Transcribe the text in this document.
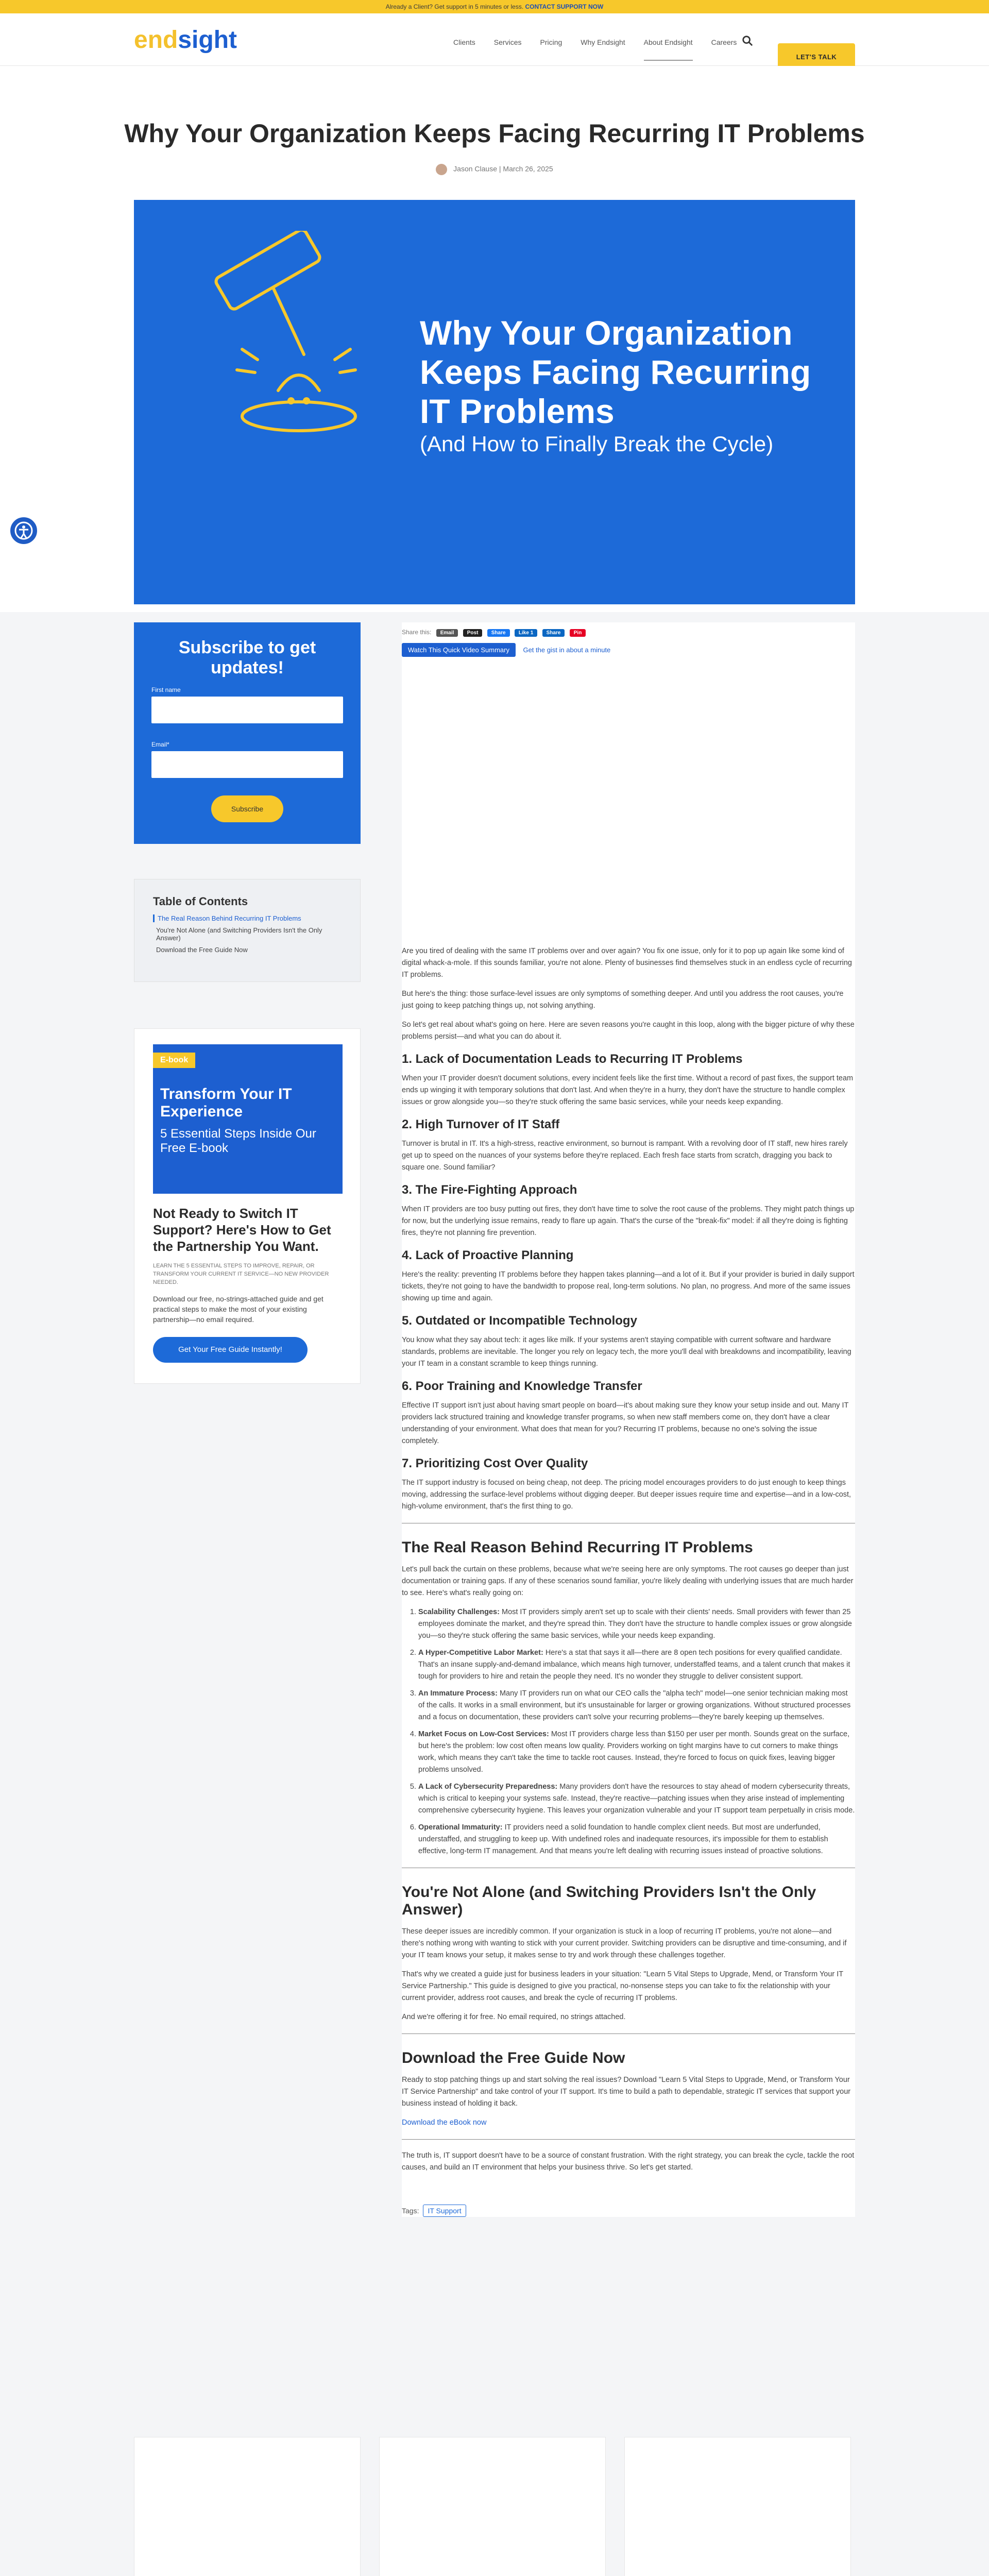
Already a Client? Get support in 5 minutes or less. CONTACT SUPPORT NOW
endsight	Clients	Services	Pricing	Why Endsight	About Endsight	Careers
LET'S TALK
Why Your Organization Keeps Facing Recurring IT Problems
Jason Clause | March 26, 2025
Why Your Organization Keeps Facing Recurring IT Problems

(And How to Finally Break the Cycle)

Subscribe to get updates!
First name
Email*
Subscribe
Table of Contents
The Real Reason Behind Recurring IT Problems
You're Not Alone (and Switching Providers Isn't the Only Answer)
Download the Free Guide Now
E-book
Transform Your IT Experience
5 Essential Steps Inside Our Free E-book
Not Ready to Switch IT Support? Here's How to Get the Partnership You Want.
LEARN THE 5 ESSENTIAL STEPS TO IMPROVE, REPAIR, OR TRANSFORM YOUR CURRENT IT SERVICE—NO NEW PROVIDER NEEDED.
Download our free, no-strings-attached guide and get practical steps to make the most of your existing partnership—no email required.
Get Your Free Guide Instantly!
Share this: Email	Post	Share	Like 1	Share	Pin
Watch This Quick Video Summary Get the gist in about a minute

Are you tired of dealing with the same IT problems over and over again? You fix one issue, only for it to pop up again like some kind of digital whack-a-mole. If this sounds familiar, you're not alone. Plenty of businesses find themselves stuck in an endless cycle of recurring IT problems.

But here's the thing: those surface-level issues are only symptoms of something deeper. And until you address the root causes, you're just going to keep patching things up, not solving anything.

So let's get real about what's going on here. Here are seven reasons you're caught in this loop, along with the bigger picture of why these problems persist—and what you can do about it.

1. Lack of Documentation Leads to Recurring IT Problems

When your IT provider doesn't document solutions, every incident feels like the first time. Without a record of past fixes, the support team ends up winging it with temporary solutions that don't last. And when they're in a hurry, they don't have the structure to handle complex issues or grow alongside you—so they're stuck offering the same basic services, while your needs keep expanding.

2. High Turnover of IT Staff

Turnover is brutal in IT. It's a high-stress, reactive environment, so burnout is rampant. With a revolving door of IT staff, new hires rarely get up to speed on the nuances of your systems before they're replaced. Each fresh face starts from scratch, dragging you back to square one. Sound familiar?

3. The Fire-Fighting Approach

When IT providers are too busy putting out fires, they don't have time to solve the root cause of the problems. They might patch things up for now, but the underlying issue remains, ready to flare up again. That's the curse of the "break-fix" model: if all they're doing is fighting fires, they're not planning fire prevention.

4. Lack of Proactive Planning

Here's the reality: preventing IT problems before they happen takes planning—and a lot of it. But if your provider is buried in daily support tickets, they're not going to have the bandwidth to propose real, long-term solutions. No plan, no progress. And more of the same issues showing up time and again.

5. Outdated or Incompatible Technology

You know what they say about tech: it ages like milk. If your systems aren't staying compatible with current software and hardware standards, problems are inevitable. The longer you rely on legacy tech, the more you'll deal with breakdowns and incompatibility, leaving your IT team in a constant scramble to keep things running.

6. Poor Training and Knowledge Transfer

Effective IT support isn't just about having smart people on board—it's about making sure they know your setup inside and out. Many IT providers lack structured training and knowledge transfer programs, so when new staff members come on, they don't have a clear understanding of your environment. What does that mean for you? Recurring IT problems, because no one's solving the issue completely.

7. Prioritizing Cost Over Quality

The IT support industry is focused on being cheap, not deep. The pricing model encourages providers to do just enough to keep things moving, addressing the surface-level problems without digging deeper. But deeper issues require time and expertise—and in a low-cost, high-volume environment, that's the first thing to go.

The Real Reason Behind Recurring IT Problems

Let's pull back the curtain on these problems, because what we're seeing here are only symptoms. The root causes go deeper than just documentation or training gaps. If any of these scenarios sound familiar, you're likely dealing with underlying issues that are much harder to see. Here's what's really going on:

1. Scalability Challenges: Most IT providers simply aren't set up to scale with their clients' needs. Small providers with fewer than 25 employees dominate the market, and they're spread thin. They don't have the structure to handle complex issues or grow alongside you—so they're stuck offering the same basic services, while your needs keep expanding.
2. A Hyper-Competitive Labor Market: Here's a stat that says it all—there are 8 open tech positions for every qualified candidate. That's an insane supply-and-demand imbalance, which means high turnover, understaffed teams, and a talent crunch that makes it tough for providers to hire and retain the people they need. It's no wonder they struggle to deliver consistent support.
3. An Immature Process: Many IT providers run on what our CEO calls the "alpha tech" model—one senior technician making most of the calls. It works in a small environment, but it's unsustainable for larger or growing organizations. Without structured processes and a focus on documentation, these providers can't solve your recurring problems—they're barely keeping up themselves.
4. Market Focus on Low-Cost Services: Most IT providers charge less than $150 per user per month. Sounds great on the surface, but here's the problem: low cost often means low quality. Providers working on tight margins have to cut corners to make things work, which means they can't take the time to tackle root causes. Instead, they're forced to focus on quick fixes, leaving bigger problems unsolved.
5. A Lack of Cybersecurity Preparedness: Many providers don't have the resources to stay ahead of modern cybersecurity threats, which is critical to keeping your systems safe. Instead, they're reactive—patching issues when they arise instead of implementing comprehensive cybersecurity hygiene. This leaves your organization vulnerable and your IT support team perpetually in crisis mode.
6. Operational Immaturity: IT providers need a solid foundation to handle complex client needs. But most are underfunded, understaffed, and struggling to keep up. With undefined roles and inadequate resources, it's impossible for them to establish effective, long-term IT management. And that means you're left dealing with recurring issues instead of proactive solutions.
You're Not Alone (and Switching Providers Isn't the Only Answer)

These deeper issues are incredibly common. If your organization is stuck in a loop of recurring IT problems, you're not alone—and there's nothing wrong with wanting to stick with your current provider. Switching providers can be disruptive and time-consuming, and if your IT team knows your setup, it makes sense to try and work through these challenges together.

That's why we created a guide just for business leaders in your situation: "Learn 5 Vital Steps to Upgrade, Mend, or Transform Your IT Service Partnership." This guide is designed to give you practical, no-nonsense steps you can take to fix the relationship with your current provider, address root causes, and break the cycle of recurring IT problems.

And we're offering it for free. No email required, no strings attached.

Download the Free Guide Now

Ready to stop patching things up and start solving the real issues? Download "Learn 5 Vital Steps to Upgrade, Mend, or Transform Your IT Service Partnership" and take control of your IT support. It's time to build a path to dependable, strategic IT services that support your business instead of holding it back.

Download the eBook now

The truth is, IT support doesn't have to be a source of constant frustration. With the right strategy, you can break the cycle, tackle the root causes, and build an IT environment that helps your business thrive. So let's get started.

Tags: IT Support
